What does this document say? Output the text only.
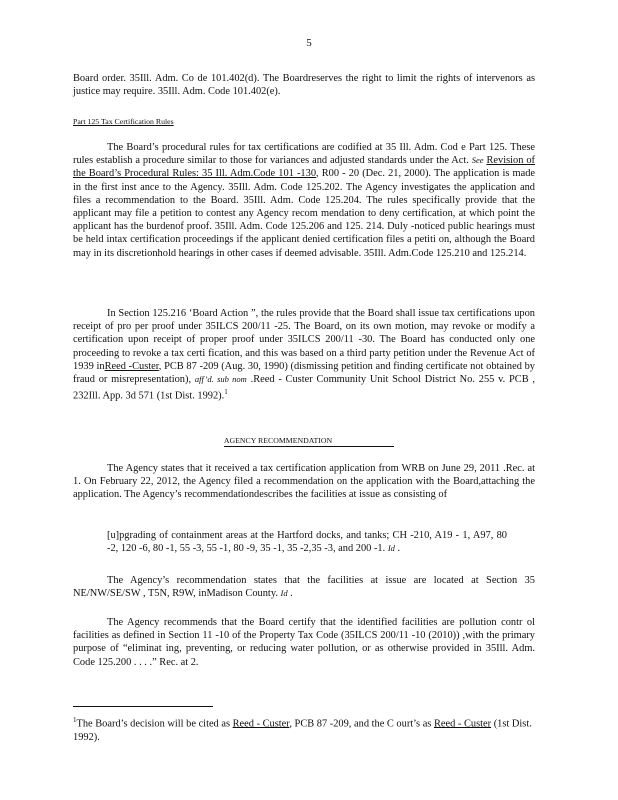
5

Board order. 35Ill. Adm. Co de 101.402(d). The Boardreserves the right to limit the rights of intervenors as justice may require. 35Ill. Adm. Code 101.402(e).

Part 125 Tax Certification Rules

The Board’s procedural rules for tax certifications are codified at 35 Ill. Adm. Cod e Part 125. These rules establish a procedure similar to those for variances and adjusted standards under the Act. See Revision of the Board’s Procedural Rules: 35 Ill. Adm.Code 101 -130, R00 - 20 (Dec. 21, 2000). The application is made in the first inst ance to the Agency. 35Ill. Adm. Code 125.202. The Agency investigates the application and files a recommendation to the Board. 35Ill. Adm. Code 125.204. The rules specifically provide that the applicant may file a petition to contest any Agency recom mendation to deny certification, at which point the applicant has the burdenof proof. 35Ill. Adm. Code 125.206 and 125. 214. Duly -noticed public hearings must be held intax certification proceedings if the applicant denied certification files a petiti on, although the Board may in its discretionhold hearings in other cases if deemed advisable. 35Ill. Adm.Code 125.210 and 125.214.

In Section 125.216 ‘Board Action ”, the rules provide that the Board shall issue tax certifications upon receipt of pro per proof under 35ILCS 200/11 -25. The Board, on its own motion, may revoke or modify a certification upon receipt of proper proof under 35ILCS 200/11 -30. The Board has conducted only one proceeding to revoke a tax certi fication, and this was based on a third party petition under the Revenue Act of 1939 inReed -Custer, PCB 87 -209 (Aug. 30, 1990) (dismissing petition and finding certificate not obtained by fraud or misrepresentation), aff’d. sub nom .Reed - Custer Community Unit School District No. 255 v. PCB , 232Ill. App. 3d 571 (1st Dist. 1992).$^1$

AGENCY RECOMMENDATION

The Agency states that it received a tax certification application from WRB on June 29, 2011 .Rec. at 1. On February 22, 2012, the Agency filed a recommendation on the application with the Board,attaching the application. The Agency’s recommendationdescribes the facilities at issue as consisting of

[u]pgrading of containment areas at the Hartford docks, and tanks; CH -210, A19 - 1, A97, 80 -2, 120 -6, 80 -1, 55 -3, 55 -1, 80 -9, 35 -1, 35 -2,35 -3, and 200 -1. Id .

The Agency’s recommendation states that the facilities at issue are located at Section 35 NE/NW/SE/SW , T5N, R9W, inMadison County. Id .

The Agency recommends that the Board certify that the identified facilities are pollution contr ol facilities as defined in Section 11 -10 of the Property Tax Code (35ILCS 200/11 -10 (2010)) ,with the primary purpose of “eliminat ing, preventing, or reducing water pollution, or as otherwise provided in 35Ill. Adm. Code 125.200 . . . .” Rec. at 2.

$^1$The Board’s decision will be cited as Reed - Custer, PCB 87 -209, and the C ourt’s as Reed - Custer (1st Dist. 1992).
